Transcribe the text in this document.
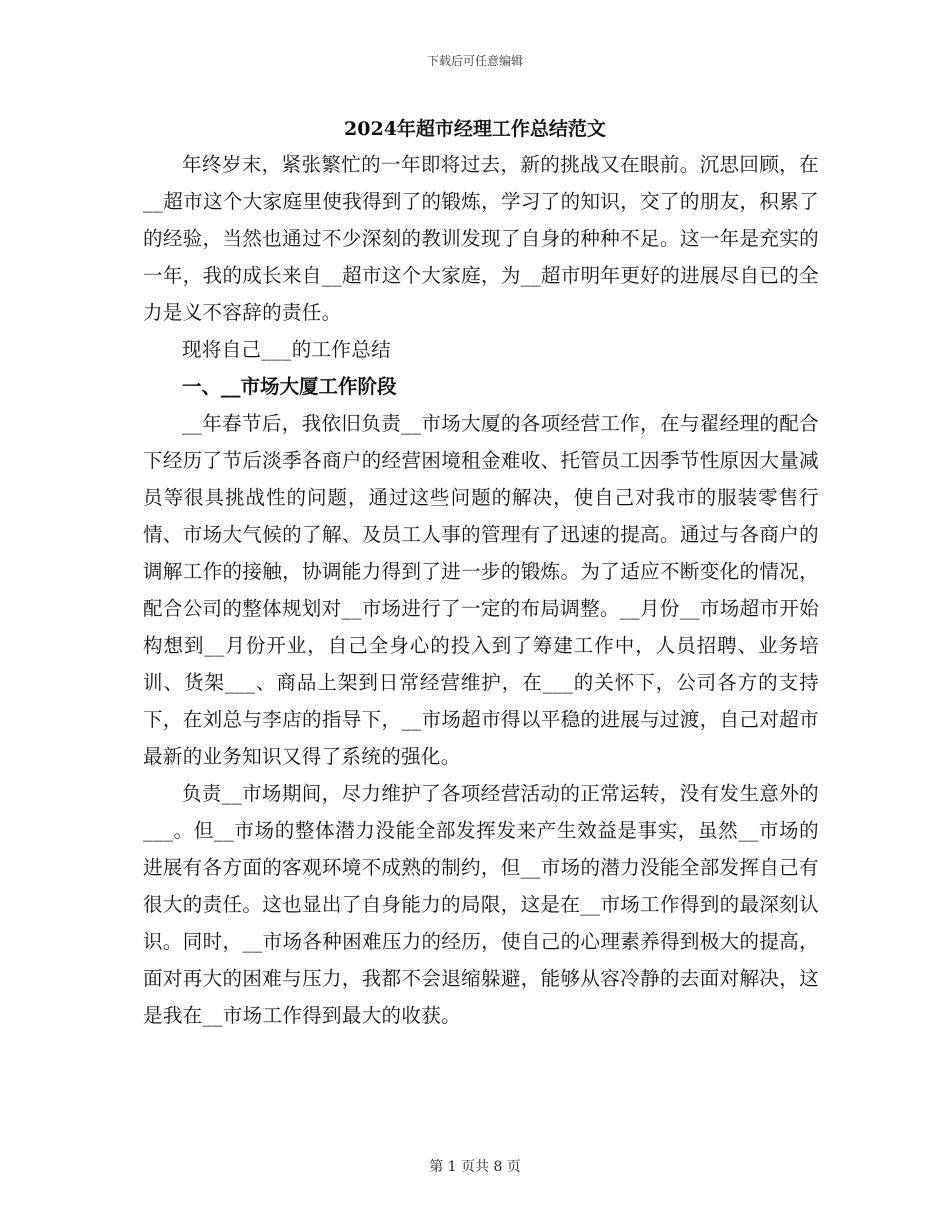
下载后可任意编辑
2024年超市经理工作总结范文

年终岁末，紧张繁忙的一年即将过去，新的挑战又在眼前。沉思回顾，在__超市这个大家庭里使我得到了的锻炼，学习了的知识，交了的朋友，积累了的经验，当然也通过不少深刻的教训发现了自身的种种不足。这一年是充实的一年，我的成长来自__超市这个大家庭，为__超市明年更好的进展尽自已的全力是义不容辞的责任。

现将自己___的工作总结

一、__市场大厦工作阶段

__年春节后，我依旧负责__市场大厦的各项经营工作，在与翟经理的配合下经历了节后淡季各商户的经营困境租金难收、托管员工因季节性原因大量减员等很具挑战性的问题，通过这些问题的解决，使自己对我市的服装零售行情、市场大气候的了解、及员工人事的管理有了迅速的提高。通过与各商户的调解工作的接触，协调能力得到了进一步的锻炼。为了适应不断变化的情况，配合公司的整体规划对__市场进行了一定的布局调整。__月份__市场超市开始构想到__月份开业，自己全身心的投入到了筹建工作中，人员招聘、业务培训、货架___、商品上架到日常经营维护，在___的关怀下，公司各方的支持下，在刘总与李店的指导下，__市场超市得以平稳的进展与过渡，自己对超市最新的业务知识又得了系统的强化。

负责__市场期间，尽力维护了各项经营活动的正常运转，没有发生意外的___。但__市场的整体潜力没能全部发挥发来产生效益是事实，虽然__市场的进展有各方面的客观环境不成熟的制约，但__市场的潜力没能全部发挥自己有很大的责任。这也显出了自身能力的局限，这是在__市场工作得到的最深刻认识。同时，__市场各种困难压力的经历，使自己的心理素养得到极大的提高，面对再大的困难与压力，我都不会退缩躲避，能够从容冷静的去面对解决，这是我在__市场工作得到最大的收获。

第 1 页共 8 页
